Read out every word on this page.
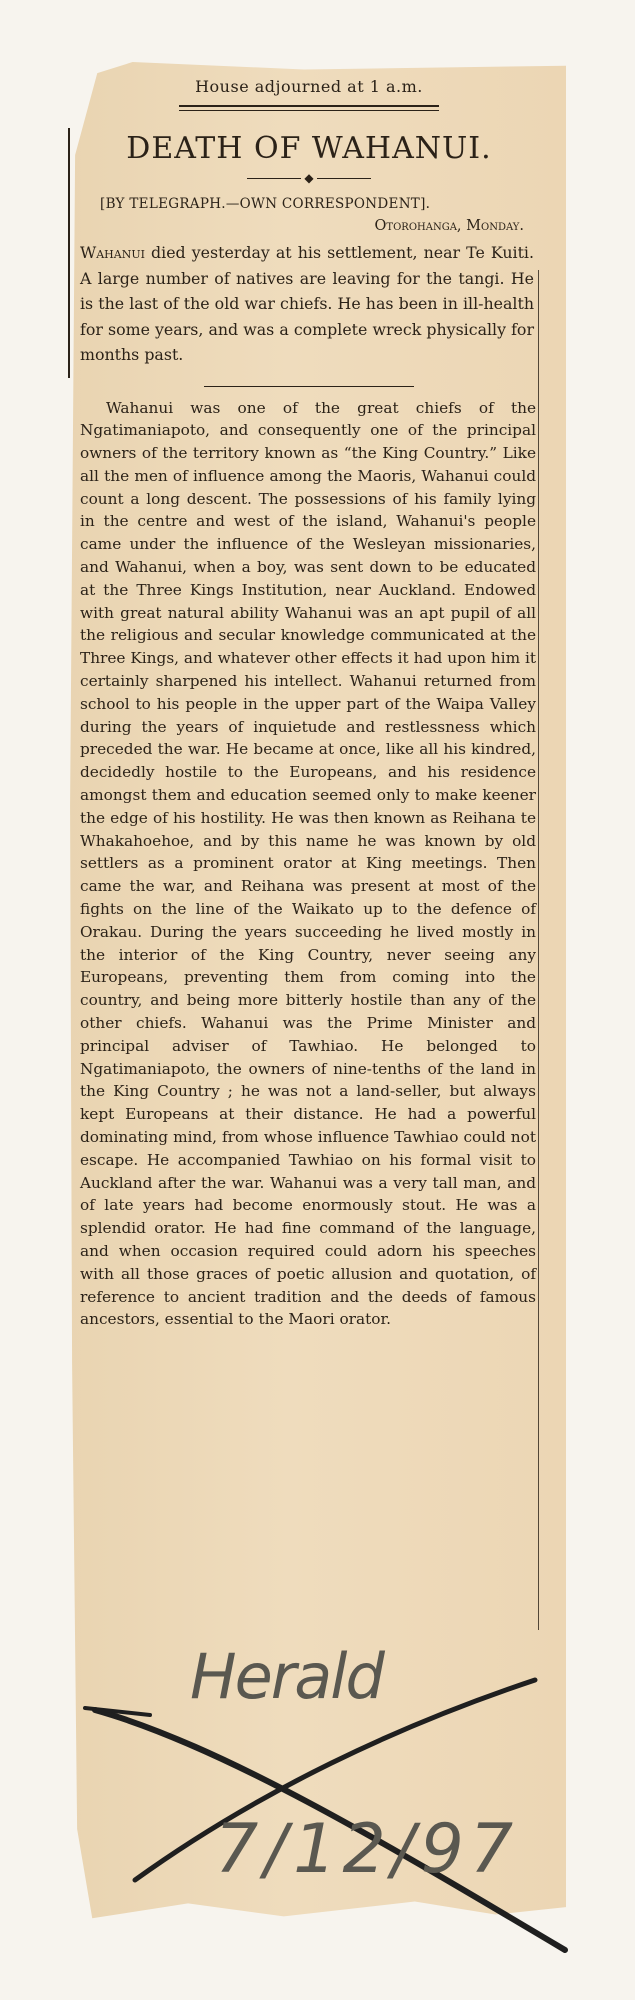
House adjourned at 1 a.m.
DEATH OF WAHANUI.
◆
[BY TELEGRAPH.—OWN CORRESPONDENT].
Otorohanga, Monday.
Wahanui died yesterday at his settlement, near Te Kuiti. A large number of natives are leaving for the tangi. He is the last of the old war chiefs. He has been in ill-health for some years, and was a complete wreck physically for months past.

Wahanui was one of the great chiefs of the Ngatimaniapoto, and consequently one of the principal owners of the territory known as “the King Country.” Like all the men of influence among the Maoris, Wahanui could count a long descent. The possessions of his family lying in the centre and west of the island, Wahanui's people came under the influence of the Wesleyan missionaries, and Wahanui, when a boy, was sent down to be educated at the Three Kings Institution, near Auckland. Endowed with great natural ability Wahanui was an apt pupil of all the religious and secular knowledge communicated at the Three Kings, and whatever other effects it had upon him it certainly sharpened his intellect. Wahanui returned from school to his people in the upper part of the Waipa Valley during the years of inquietude and restlessness which preceded the war. He became at once, like all his kindred, decidedly hostile to the Europeans, and his residence amongst them and education seemed only to make keener the edge of his hostility. He was then known as Reihana te Whakahoehoe, and by this name he was known by old settlers as a prominent orator at King meetings. Then came the war, and Reihana was present at most of the fights on the line of the Waikato up to the defence of Orakau. During the years succeeding he lived mostly in the interior of the King Country, never seeing any Europeans, preventing them from coming into the country, and being more bitterly hostile than any of the other chiefs. Wahanui was the Prime Minister and principal adviser of Tawhiao. He belonged to Ngatimaniapoto, the owners of nine-tenths of the land in the King Country ; he was not a land-seller, but always kept Europeans at their distance. He had a powerful dominating mind, from whose influence Tawhiao could not escape. He accompanied Tawhiao on his formal visit to Auckland after the war. Wahanui was a very tall man, and of late years had become enormously stout. He was a splendid orator. He had fine command of the language, and when occasion required could adorn his speeches with all those graces of poetic allusion and quotation, of reference to ancient tradition and the deeds of famous ancestors, essential to the Maori orator.

Herald
7/12/97
